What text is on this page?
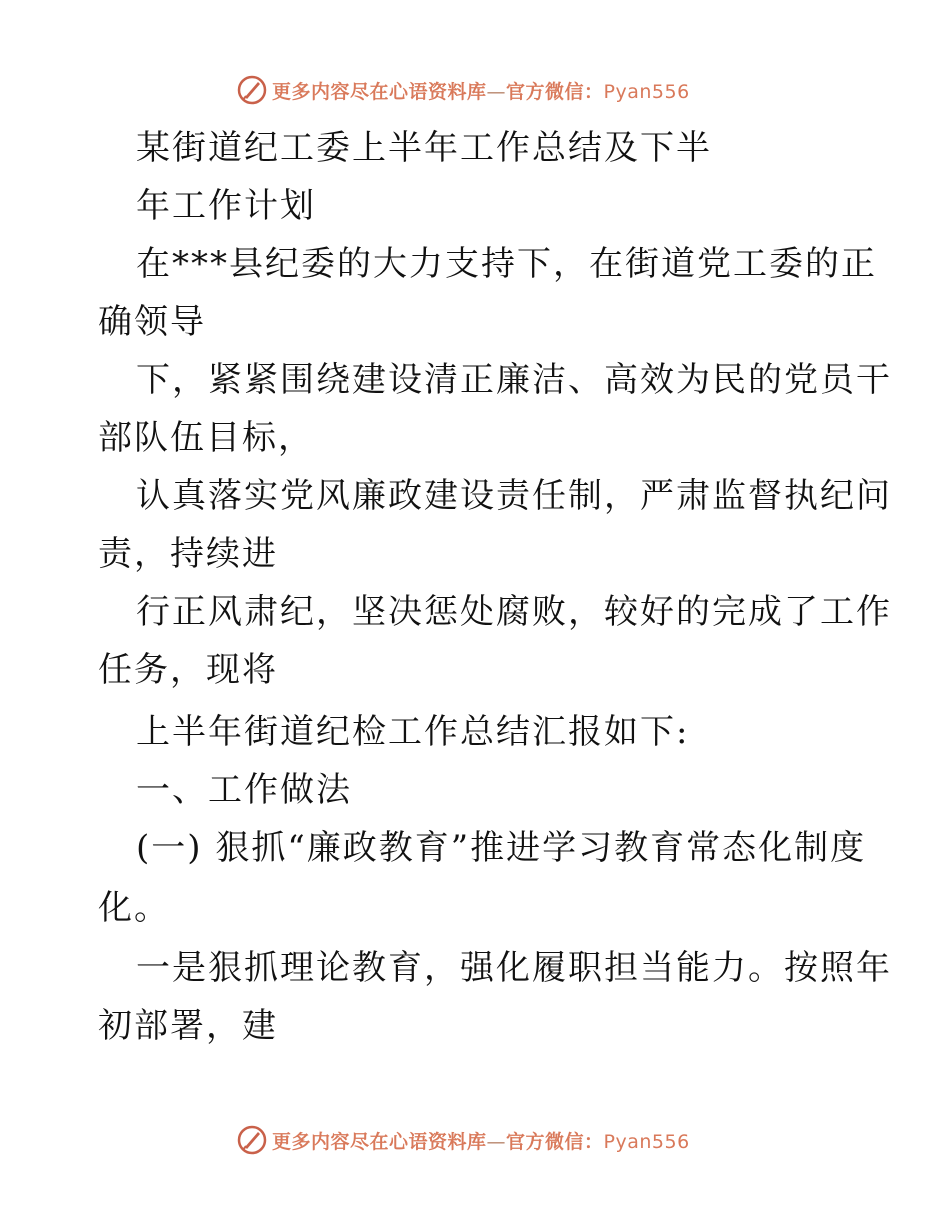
更多内容尽在心语资料库—官方微信：Pyan556
某街道纪工委上半年工作总结及下半
年工作计划
在***县纪委的大力支持下，在街道党工委的正
确领导
下，紧紧围绕建设清正廉洁、高效为民的党员干
部队伍目标，
认真落实党风廉政建设责任制，严肃监督执纪问
责，持续进
行正风肃纪，坚决惩处腐败，较好的完成了工作
任务，现将
上半年街道纪检工作总结汇报如下:
一、工作做法
(一) 狠抓“廉政教育”推进学习教育常态化制度
化。
一是狠抓理论教育，强化履职担当能力。按照年
初部署，建
更多内容尽在心语资料库—官方微信：Pyan556
